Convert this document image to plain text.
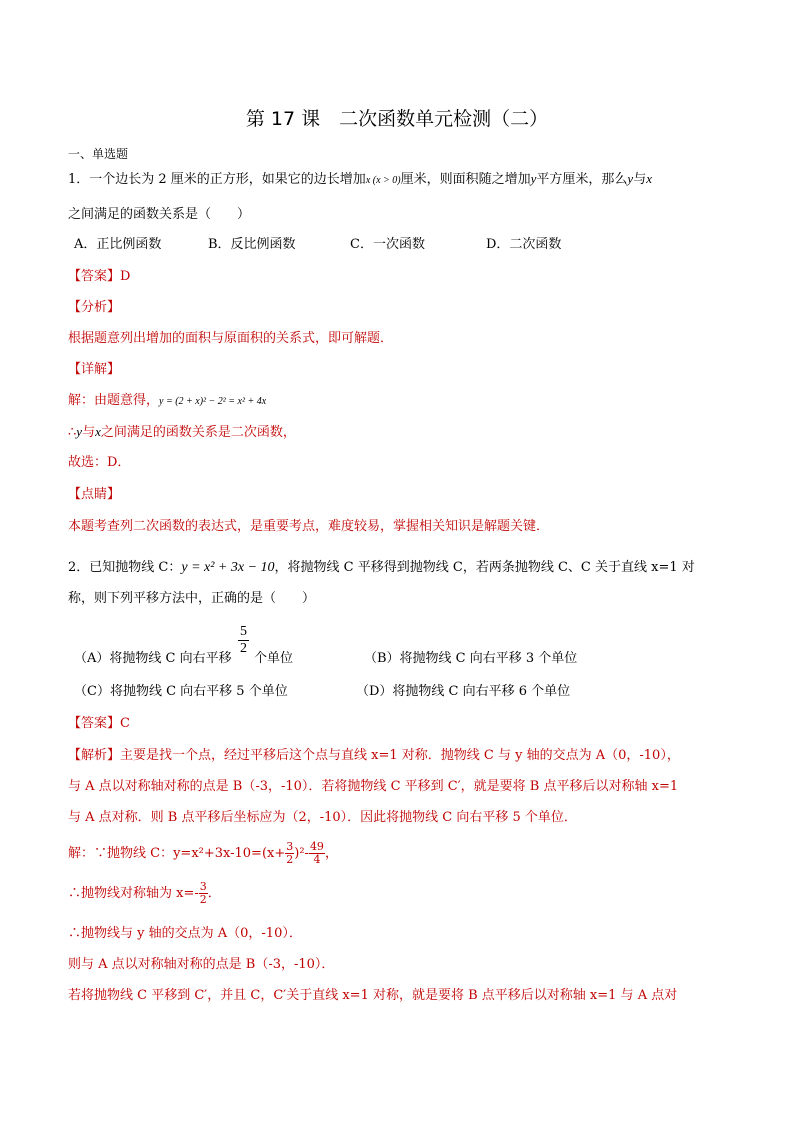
第 17 课　二次函数单元检测（二）
一、单选题
1．一个边长为 2 厘米的正方形，如果它的边长增加x (x > 0)厘米，则面积随之增加y平方厘米，那么y与x
之间满足的函数关系是（　　）
A．正比例函数	B．反比例函数	C．一次函数	D．二次函数
【答案】D
【分析】
根据题意列出增加的面积与原面积的关系式，即可解题．
【详解】
解：由题意得，y = (2 + x)² − 2² = x² + 4x
∴y与x之间满足的函数关系是二次函数，
故选：D．
【点睛】
本题考查列二次函数的表达式，是重要考点，难度较易，掌握相关知识是解题关键．
2．已知抛物线 C：y = x² + 3x − 10，将抛物线 C 平移得到抛物线 C，若两条抛物线 C、C 关于直线 x=1 对
称，则下列平移方法中，正确的是（　　）
（A）将抛物线 C 向右平移
$\frac{5}{2}$
个单位	（B）将抛物线 C 向右平移 3 个单位
（C）将抛物线 C 向右平移 5 个单位	（D）将抛物线 C 向右平移 6 个单位
【答案】C
【解析】主要是找一个点，经过平移后这个点与直线 x=1 对称．抛物线 C 与 y 轴的交点为 A（0，-10），
与 A 点以对称轴对称的点是 B（-3，-10）．若将抛物线 C 平移到 C′，就是要将 B 点平移后以对称轴 x=1
与 A 点对称．则 B 点平移后坐标应为（2，-10）．因此将抛物线 C 向右平移 5 个单位．
解：∵抛物线 C：$y=x^2+3x-10=(x+ \frac{3}{2} )^2- \frac{49}{4}$ ，
∴抛物线对称轴为 $x=- \frac{3}{2}$ ．
∴抛物线与 y 轴的交点为 A（0，-10）．
则与 A 点以对称轴对称的点是 B（-3，-10）．
若将抛物线 C 平移到 C′，并且 C，C′关于直线 x=1 对称，就是要将 B 点平移后以对称轴 x=1 与 A 点对
